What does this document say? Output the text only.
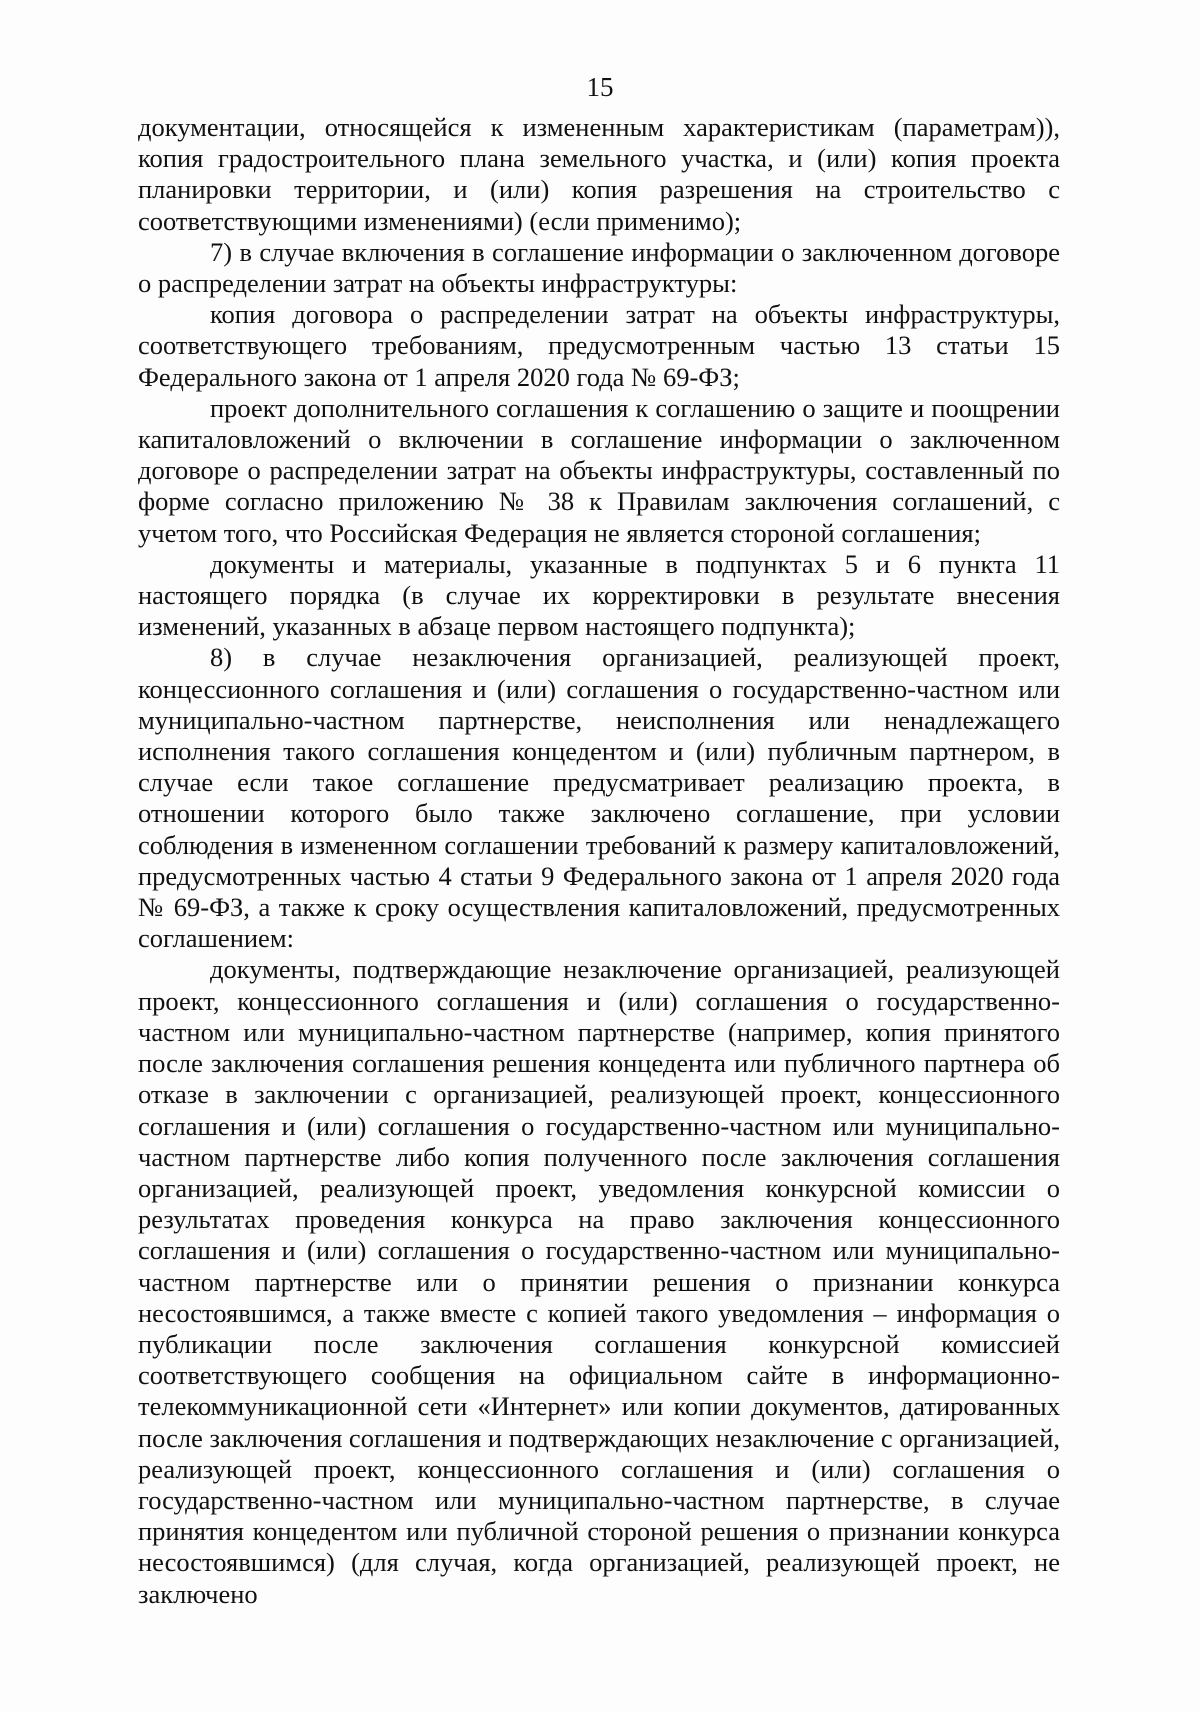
15

документации, относящейся к измененным характеристикам (параметрам)), копия градостроительного плана земельного участка, и (или) копия проекта планировки территории, и (или) копия разрешения на строительство с соответствующими изменениями) (если применимо);

7) в случае включения в соглашение информации о заключенном договоре о распределении затрат на объекты инфраструктуры:

копия договора о распределении затрат на объекты инфраструктуры, соответствующего требованиям, предусмотренным частью 13 статьи 15 Федерального закона от 1 апреля 2020 года № 69-ФЗ;

проект дополнительного соглашения к соглашению о защите и поощрении капиталовложений о включении в соглашение информации о заключенном договоре о распределении затрат на объекты инфраструктуры, составленный по форме согласно приложению № 38 к Правилам заключения соглашений, с учетом того, что Российская Федерация не является стороной соглашения;

документы и материалы, указанные в подпунктах 5 и 6 пункта 11 настоящего порядка (в случае их корректировки в результате внесения изменений, указанных в абзаце первом настоящего подпункта);

8) в случае незаключения организацией, реализующей проект, концессионного соглашения и (или) соглашения о государственно-частном или муниципально-частном партнерстве, неисполнения или ненадлежащего исполнения такого соглашения концедентом и (или) публичным партнером, в случае если такое соглашение предусматривает реализацию проекта, в отношении которого было также заключено соглашение, при условии соблюдения в измененном соглашении требований к размеру капиталовложений, предусмотренных частью 4 статьи 9 Федерального закона от 1 апреля 2020 года № 69-ФЗ, а также к сроку осуществления капиталовложений, предусмотренных соглашением:

документы, подтверждающие незаключение организацией, реализующей проект, концессионного соглашения и (или) соглашения о государственно-частном или муниципально-частном партнерстве (например, копия принятого после заключения соглашения решения концедента или публичного партнера об отказе в заключении с организацией, реализующей проект, концессионного соглашения и (или) соглашения о государственно-частном или муниципально-частном партнерстве либо копия полученного после заключения соглашения организацией, реализующей проект, уведомления конкурсной комиссии о результатах проведения конкурса на право заключения концессионного соглашения и (или) соглашения о государственно-частном или муниципально-частном партнерстве или о принятии решения о признании конкурса несостоявшимся, а также вместе с копией такого уведомления – информация о публикации после заключения соглашения конкурсной комиссией соответствующего сообщения на официальном сайте в информационно-телекоммуникационной сети «Интернет» или копии документов, датированных после заключения соглашения и подтверждающих незаключение с организацией, реализующей проект, концессионного соглашения и (или) соглашения о государственно-частном или муниципально-частном партнерстве, в случае принятия концедентом или публичной стороной решения о признании конкурса несостоявшимся) (для случая, когда организацией, реализующей проект, не заключено
